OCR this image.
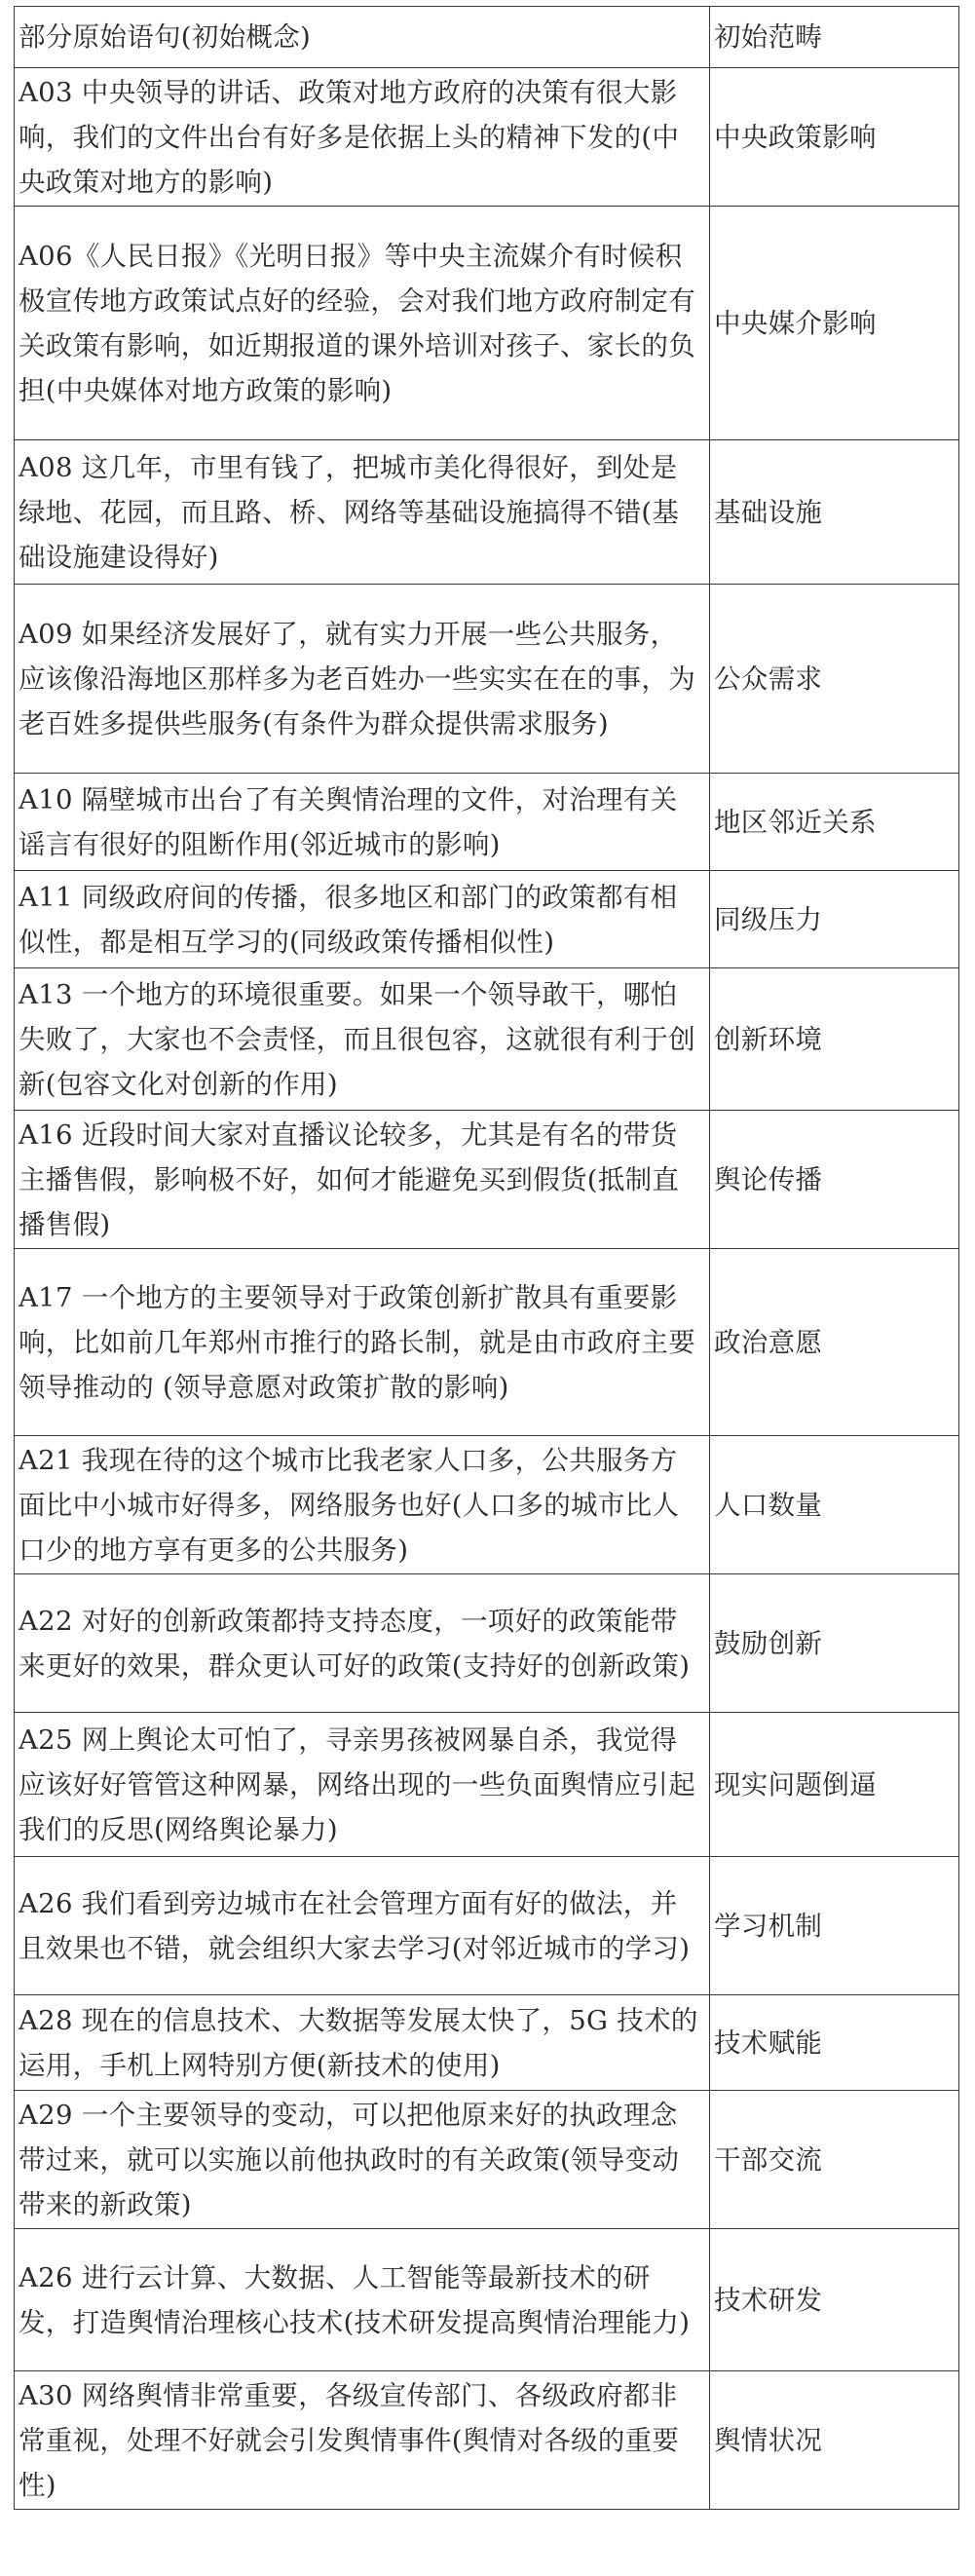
部分原始语句(初始概念)	初始范畴
A03 中央领导的讲话、政策对地方政府的决策有很大影响，我们的文件出台有好多是依据上头的精神下发的(中央政策对地方的影响)	中央政策影响
A06《人民日报》《光明日报》等中央主流媒介有时候积极宣传地方政策试点好的经验，会对我们地方政府制定有关政策有影响，如近期报道的课外培训对孩子、家长的负担(中央媒体对地方政策的影响)	中央媒介影响
A08 这几年，市里有钱了，把城市美化得很好，到处是绿地、花园，而且路、桥、网络等基础设施搞得不错(基础设施建设得好)	基础设施
A09 如果经济发展好了，就有实力开展一些公共服务，应该像沿海地区那样多为老百姓办一些实实在在的事，为老百姓多提供些服务(有条件为群众提供需求服务)	公众需求
A10 隔壁城市出台了有关舆情治理的文件，对治理有关谣言有很好的阻断作用(邻近城市的影响)	地区邻近关系
A11 同级政府间的传播，很多地区和部门的政策都有相似性，都是相互学习的(同级政策传播相似性)	同级压力
A13 一个地方的环境很重要。如果一个领导敢干，哪怕失败了，大家也不会责怪，而且很包容，这就很有利于创新(包容文化对创新的作用)	创新环境
A16 近段时间大家对直播议论较多，尤其是有名的带货主播售假，影响极不好，如何才能避免买到假货(抵制直播售假)	舆论传播
A17 一个地方的主要领导对于政策创新扩散具有重要影响，比如前几年郑州市推行的路长制，就是由市政府主要领导推动的 (领导意愿对政策扩散的影响)	政治意愿
A21 我现在待的这个城市比我老家人口多，公共服务方面比中小城市好得多，网络服务也好(人口多的城市比人口少的地方享有更多的公共服务)	人口数量
A22 对好的创新政策都持支持态度，一项好的政策能带来更好的效果，群众更认可好的政策(支持好的创新政策)	鼓励创新
A25 网上舆论太可怕了，寻亲男孩被网暴自杀，我觉得应该好好管管这种网暴，网络出现的一些负面舆情应引起我们的反思(网络舆论暴力)	现实问题倒逼
A26 我们看到旁边城市在社会管理方面有好的做法，并且效果也不错，就会组织大家去学习(对邻近城市的学习)	学习机制
A28 现在的信息技术、大数据等发展太快了，5G 技术的运用，手机上网特别方便(新技术的使用)	技术赋能
A29 一个主要领导的变动，可以把他原来好的执政理念带过来，就可以实施以前他执政时的有关政策(领导变动带来的新政策)	干部交流
A26 进行云计算、大数据、人工智能等最新技术的研发，打造舆情治理核心技术(技术研发提高舆情治理能力)	技术研发
A30 网络舆情非常重要，各级宣传部门、各级政府都非常重视，处理不好就会引发舆情事件(舆情对各级的重要性)	舆情状况
